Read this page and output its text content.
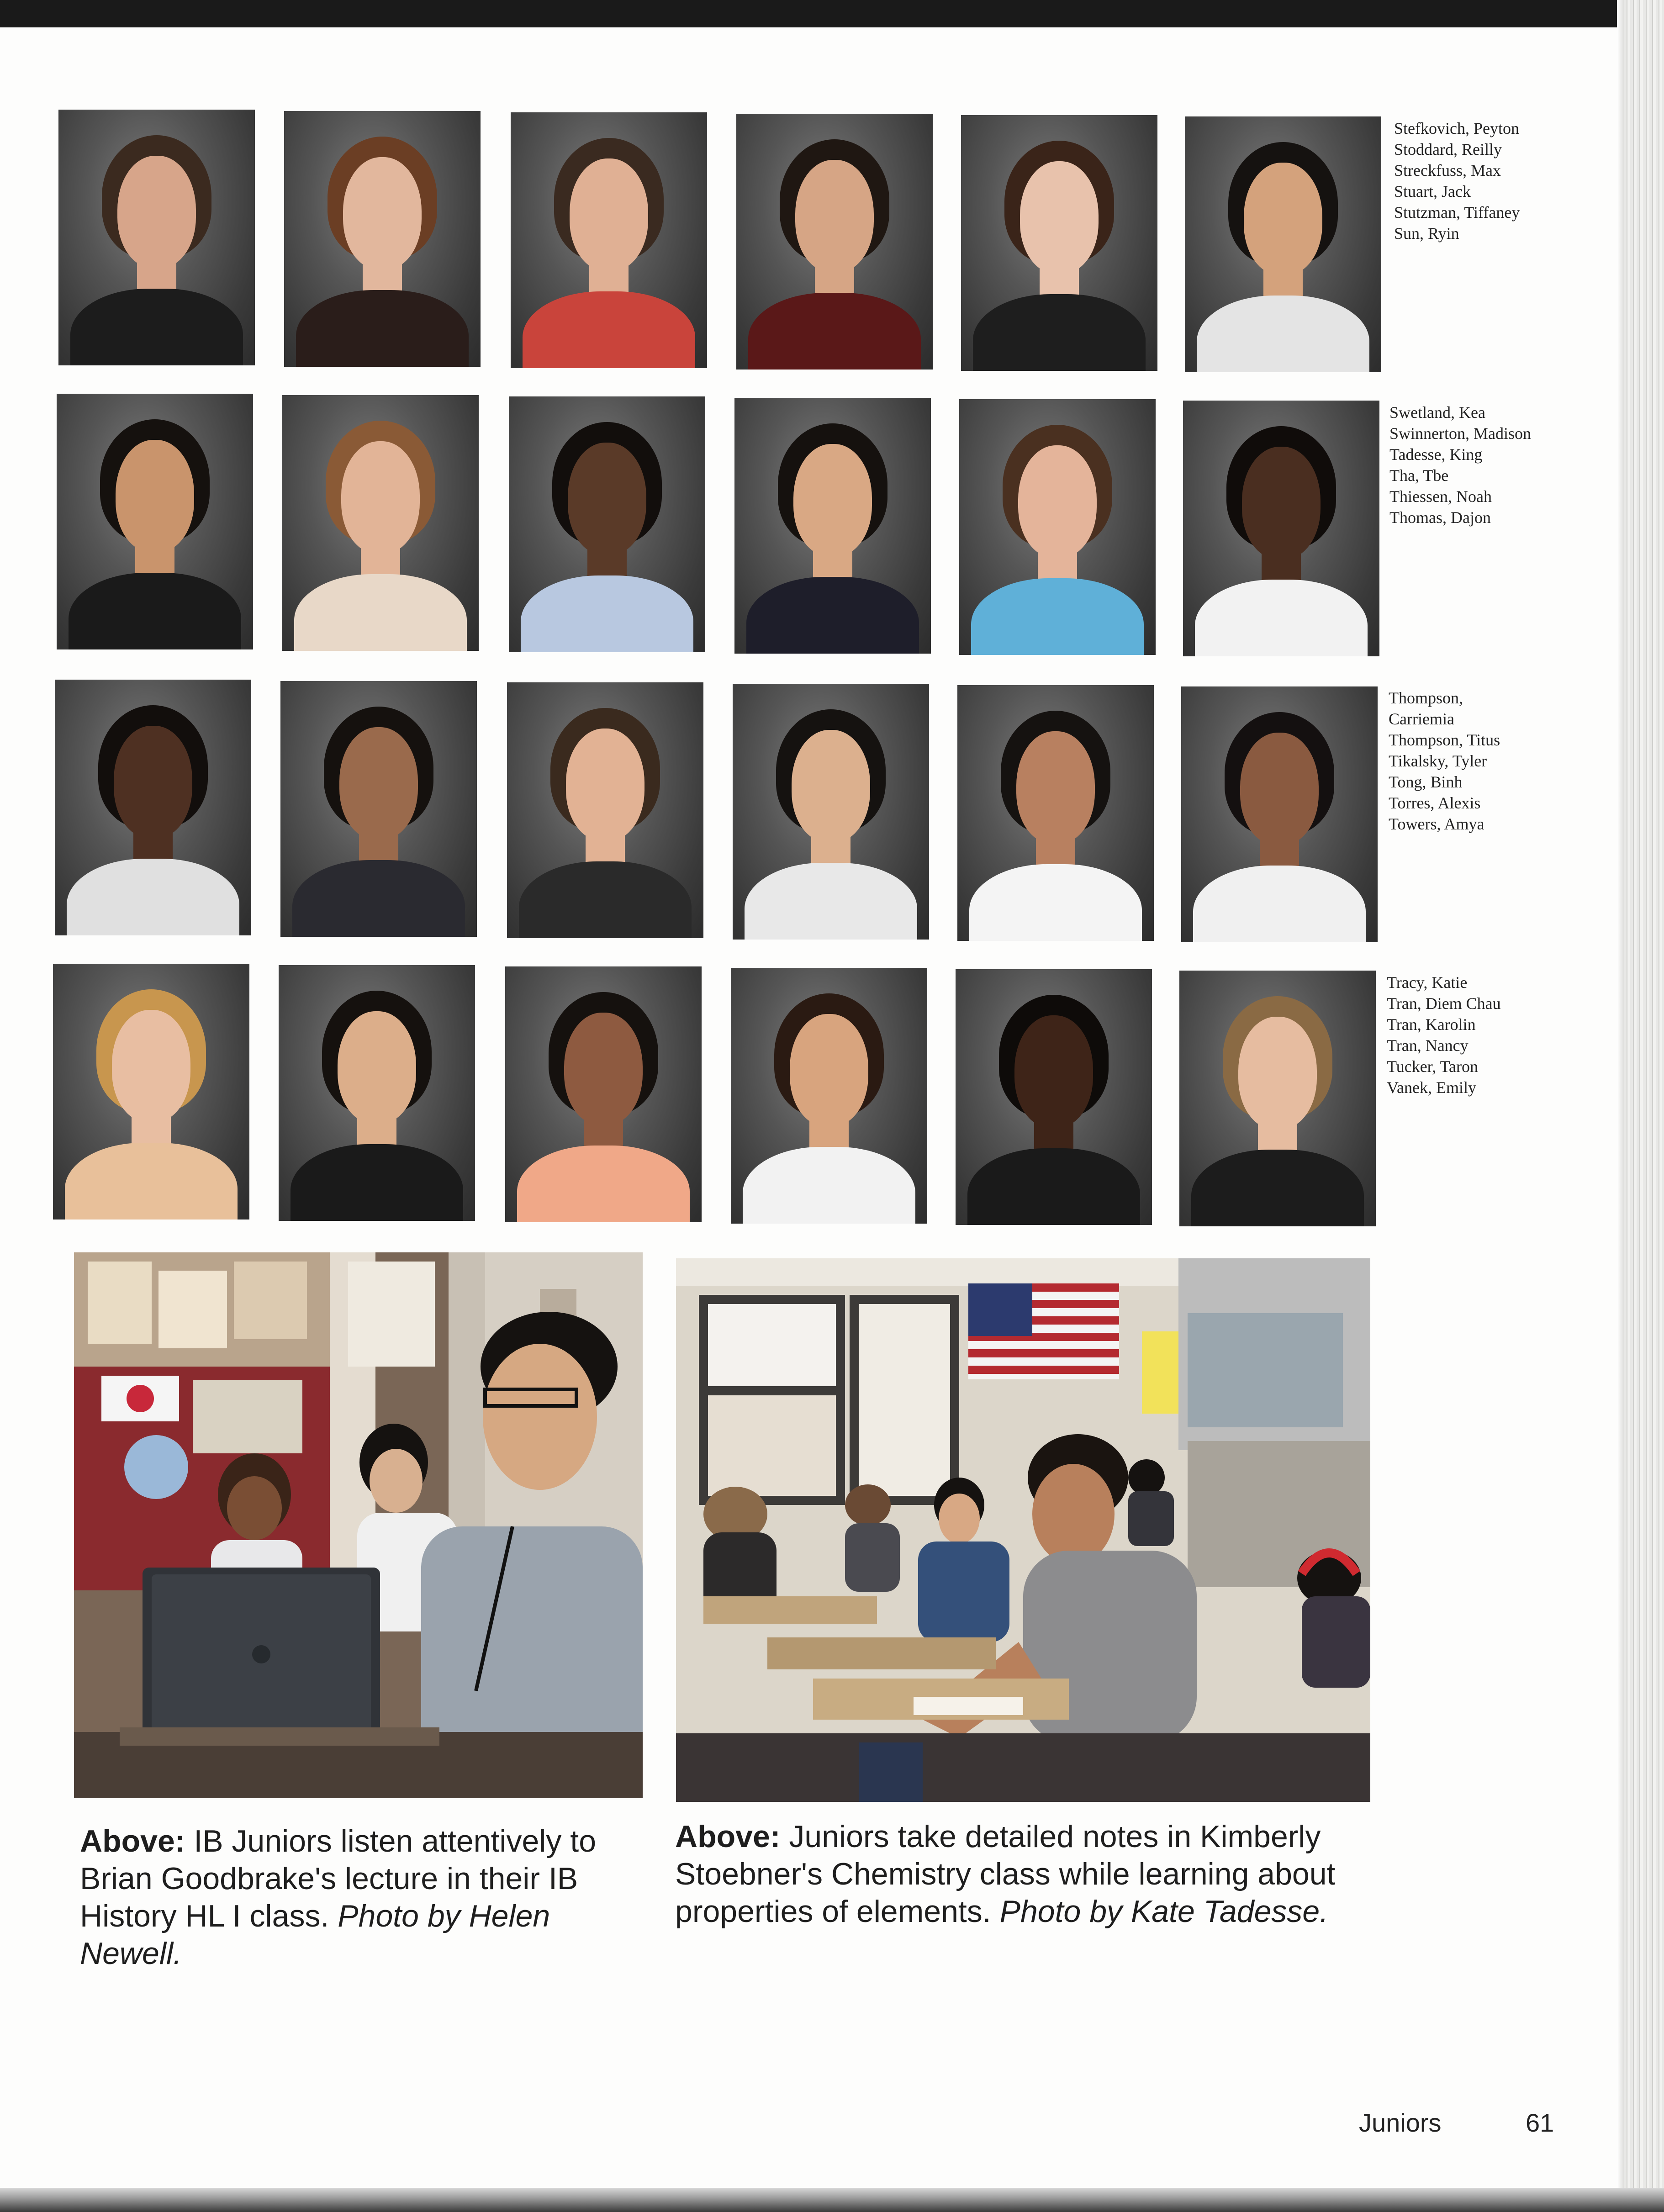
Stefkovich, Peyton
Stoddard, Reilly
Streckfuss, Max
Stuart, Jack
Stutzman, Tiffaney
Sun, Ryin
Swetland, Kea
Swinnerton, Madison
Tadesse, King
Tha, Tbe
Thiessen, Noah
Thomas, Dajon
Thompson,
Carriemia
Thompson, Titus
Tikalsky, Tyler
Tong, Binh
Torres, Alexis
Towers, Amya
Tracy, Katie
Tran, Diem Chau
Tran, Karolin
Tran, Nancy
Tucker, Taron
Vanek, Emily
Above: IB Juniors listen attentively to Brian Goodbrake's lecture in their IB History HL I class. Photo by Helen Newell.
Above: Juniors take detailed notes in Kimberly Stoebner's Chemistry class while learning about properties of elements. Photo by Kate Tadesse.
Juniors	61
